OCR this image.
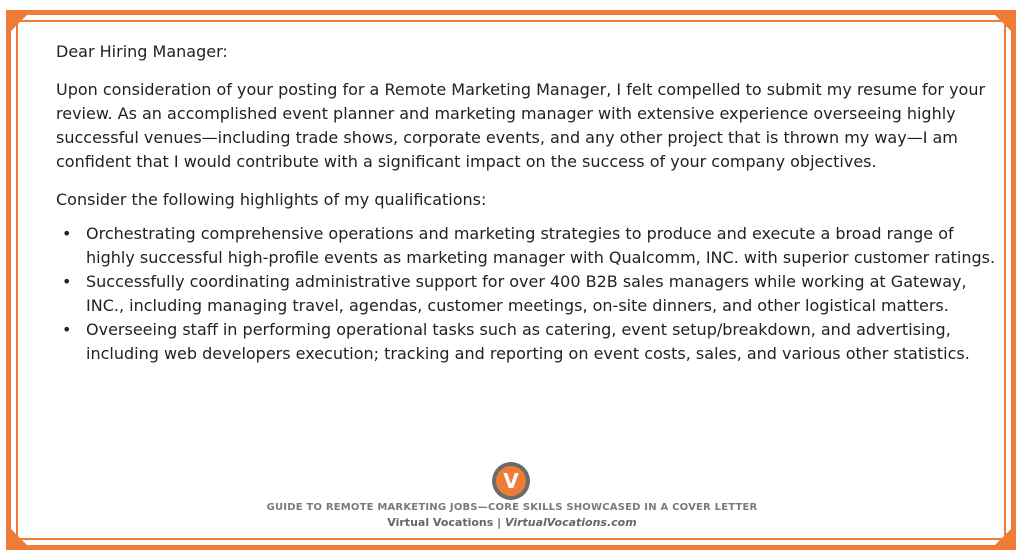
Dear Hiring Manager:

Upon consideration of your posting for a Remote Marketing Manager, I felt compelled to submit my resume for your review. As an accomplished event planner and marketing manager with extensive experience overseeing highly successful venues—including trade shows, corporate events, and any other project that is thrown my way—I am confident that I would contribute with a significant impact on the success of your company objectives.

Consider the following highlights of my qualifications:

• Orchestrating comprehensive operations and marketing strategies to produce and execute a broad range of highly successful high-profile events as marketing manager with Qualcomm, INC. with superior customer ratings.
• Successfully coordinating administrative support for over 400 B2B sales managers while working at Gateway, INC., including managing travel, agendas, customer meetings, on-site dinners, and other logistical matters.
• Overseeing staff in performing operational tasks such as catering, event setup/breakdown, and advertising, including web developers execution; tracking and reporting on event costs, sales, and various other statistics.
V
GUIDE TO REMOTE MARKETING JOBS—CORE SKILLS SHOWCASED IN A COVER LETTER
Virtual Vocations | VirtualVocations.com
